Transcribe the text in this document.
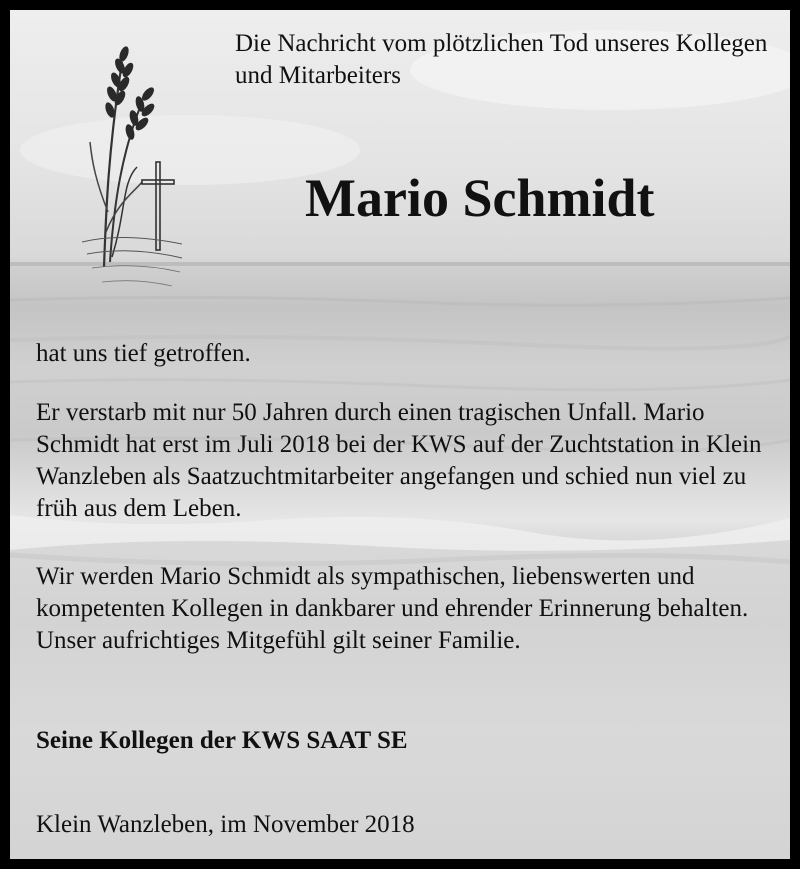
Die Nachricht vom plötzlichen Tod unseres Kollegen und Mitarbeiters

Mario Schmidt

hat uns tief getroffen.

Er verstarb mit nur 50 Jahren durch einen tragischen Unfall. Mario Schmidt hat erst im Juli 2018 bei der KWS auf der Zuchtstation in Klein Wanzleben als Saatzuchtmitarbeiter angefangen und schied nun viel zu früh aus dem Leben.

Wir werden Mario Schmidt als sympathischen, liebenswerten und kompetenten Kollegen in dankbarer und ehrender Erinnerung behalten. Unser aufrichtiges Mitgefühl gilt seiner Familie.

Seine Kollegen der KWS SAAT SE

Klein Wanzleben, im November 2018
